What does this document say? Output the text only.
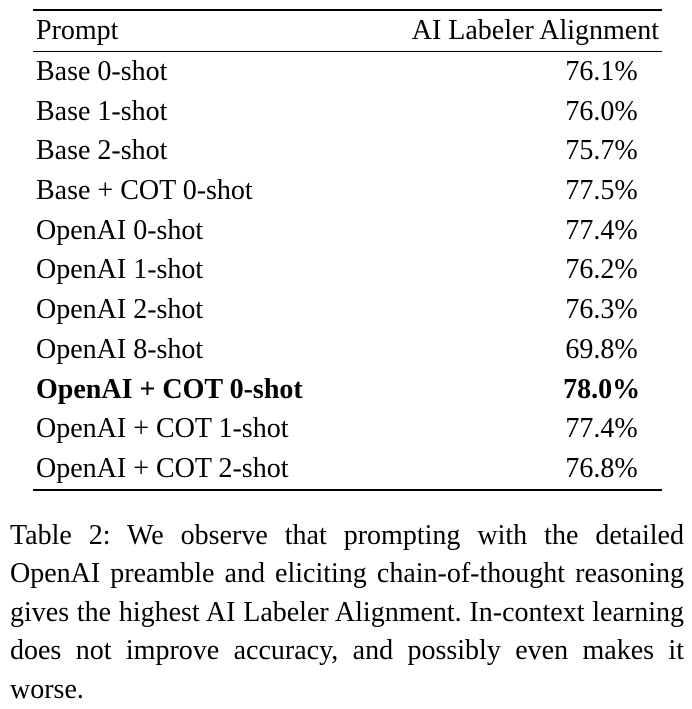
Prompt	AI Labeler Alignment
Base 0-shot	76.1%
Base 1-shot	76.0%
Base 2-shot	75.7%
Base + COT 0-shot	77.5%
OpenAI 0-shot	77.4%
OpenAI 1-shot	76.2%
OpenAI 2-shot	76.3%
OpenAI 8-shot	69.8%
OpenAI + COT 0-shot	78.0%
OpenAI + COT 1-shot	77.4%
OpenAI + COT 2-shot	76.8%
Table 2: We observe that prompting with the detailed OpenAI preamble and eliciting chain-of-thought reasoning gives the highest AI Labeler Alignment. In-context learning does not improve accuracy, and possibly even makes it worse.
